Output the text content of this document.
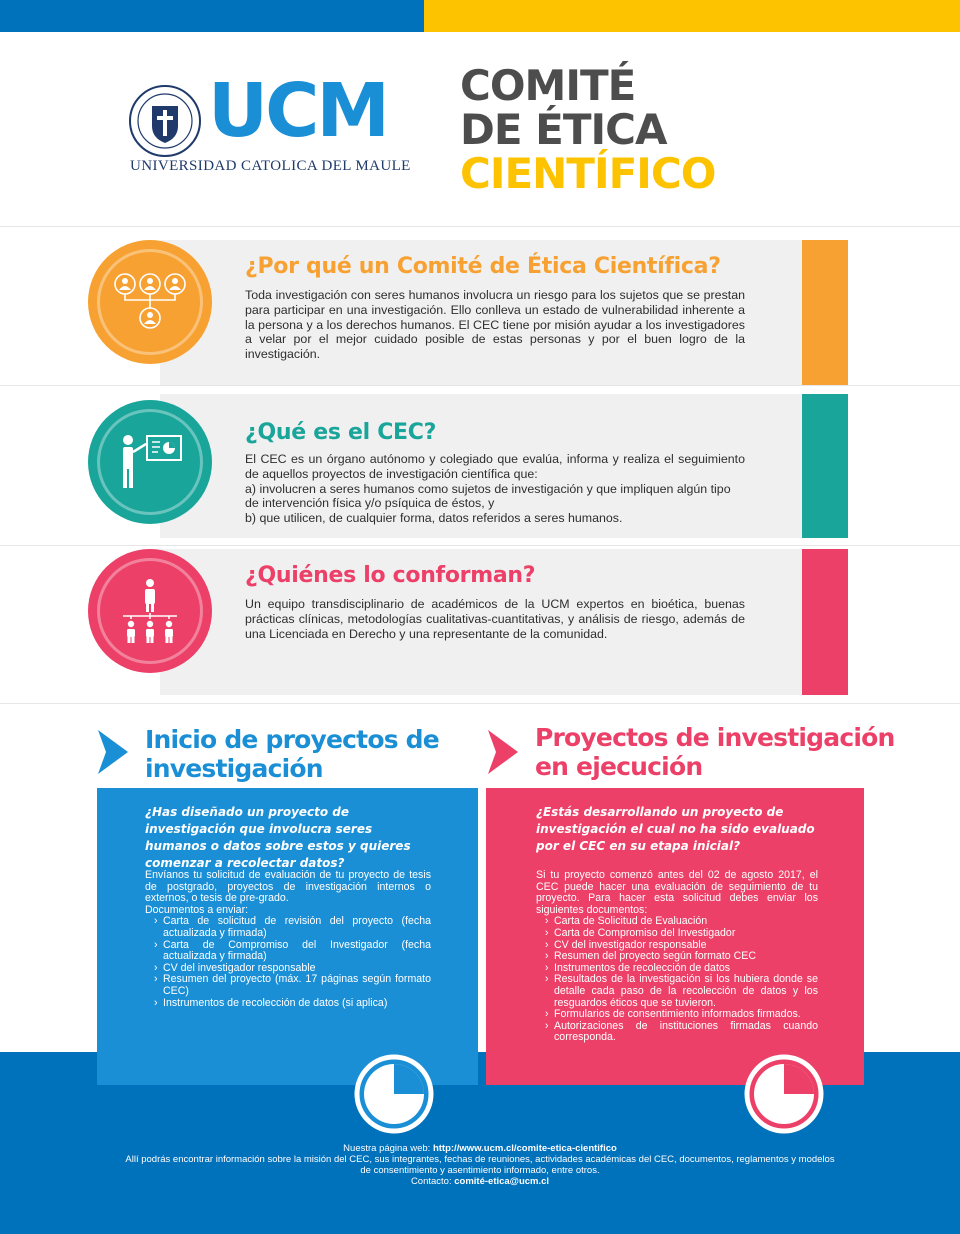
UCM
UNIVERSIDAD CATOLICA DEL MAULE
COMITÉ
DE ÉTICA
CIENTÍFICO
¿Por qué un Comité de Ética Científica?

Toda investigación con seres humanos involucra un riesgo para los sujetos que se prestan para participar en una investigación. Ello conlleva un estado de vulnerabilidad inherente a la persona y a los derechos humanos. El CEC tiene por misión ayudar a los investigadores a velar por el mejor cuidado posible de estas personas y por el buen logro de la investigación.

¿Qué es el CEC?

El CEC es un órgano autónomo y colegiado que evalúa, informa y realiza el seguimiento de aquellos proyectos de investigación científica que:
a) involucren a seres humanos como sujetos de investigación y que impliquen algún tipo de intervención física y/o psíquica de éstos, y
b) que utilicen, de cualquier forma, datos referidos a seres humanos.

¿Quiénes lo conforman?

Un equipo transdisciplinario de académicos de la UCM expertos en bioética, buenas prácticas clínicas, metodologías cualitativas-cuantitativas, y análisis de riesgo, además de una Licenciada en Derecho y una representante de la comunidad.

Inicio de proyectos de
investigación
¿Has diseñado un proyecto de investigación que involucra seres humanos o datos sobre estos y quieres comenzar a recolectar datos?
Envíanos tu solicitud de evaluación de tu proyecto de tesis de postgrado, proyectos de investigación internos o externos, o tesis de pre-grado.
Documentos a enviar:
› Carta de solicitud de revisión del proyecto (fecha actualizada y firmada)
› Carta de Compromiso del Investigador (fecha actualizada y firmada)
› CV del investigador responsable
› Resumen del proyecto (máx. 17 páginas según formato CEC)
› Instrumentos de recolección de datos (si aplica)
Proyectos de investigación
en ejecución
¿Estás desarrollando un proyecto de investigación el cual no ha sido evaluado por el CEC en su etapa inicial?
Si tu proyecto comenzó antes del 02 de agosto 2017, el CEC puede hacer una evaluación de seguimiento de tu proyecto. Para hacer esta solicitud debes enviar los siguientes documentos:
› Carta de Solicitud de Evaluación
› Carta de Compromiso del Investigador
› CV del investigador responsable
› Resumen del proyecto según formato CEC
› Instrumentos de recolección de datos
› Resultados de la investigación si los hubiera donde se detalle cada paso de la recolección de datos y los resguardos éticos que se tuvieron.
› Formularios de consentimiento informados firmados.
› Autorizaciones de instituciones firmadas cuando corresponda.
Nuestra página web: http://www.ucm.cl/comite-etica-cientifico
Allí podrás encontrar información sobre la misión del CEC, sus integrantes, fechas de reuniones, actividades académicas del CEC, documentos, reglamentos y modelos de consentimiento y asentimiento informado, entre otros.
Contacto: comité-etica@ucm.cl
